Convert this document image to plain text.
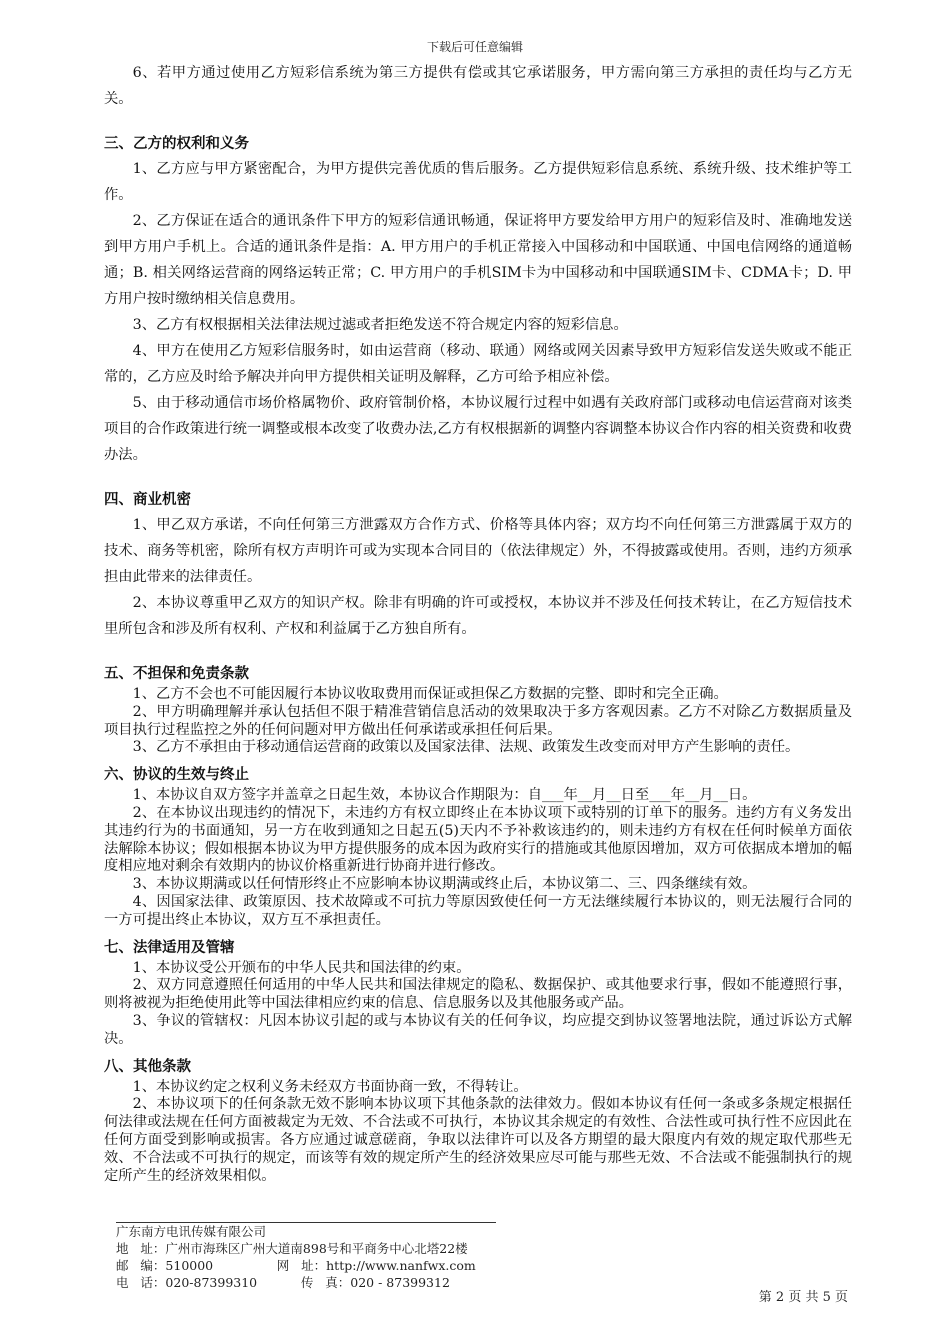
下载后可任意编辑

6、若甲方通过使用乙方短彩信系统为第三方提供有偿或其它承诺服务，甲方需向第三方承担的责任均与乙方无关。

三、乙方的权利和义务

1、乙方应与甲方紧密配合，为甲方提供完善优质的售后服务。乙方提供短彩信息系统、系统升级、技术维护等工作。

2、乙方保证在适合的通讯条件下甲方的短彩信通讯畅通，保证将甲方要发给甲方用户的短彩信及时、准确地发送到甲方用户手机上。合适的通讯条件是指：A. 甲方用户的手机正常接入中国移动和中国联通、中国电信网络的通道畅通；B. 相关网络运营商的网络运转正常；C. 甲方用户的手机SIM卡为中国移动和中国联通SIM卡、CDMA卡；D. 甲方用户按时缴纳相关信息费用。

3、乙方有权根据相关法律法规过滤或者拒绝发送不符合规定内容的短彩信息。

4、甲方在使用乙方短彩信服务时，如由运营商（移动、联通）网络或网关因素导致甲方短彩信发送失败或不能正常的，乙方应及时给予解决并向甲方提供相关证明及解释，乙方可给予相应补偿。

5、由于移动通信市场价格属物价、政府管制价格，本协议履行过程中如遇有关政府部门或移动电信运营商对该类项目的合作政策进行统一调整或根本改变了收费办法,乙方有权根据新的调整内容调整本协议合作内容的相关资费和收费办法。

四、商业机密

1、甲乙双方承诺，不向任何第三方泄露双方合作方式、价格等具体内容；双方均不向任何第三方泄露属于双方的技术、商务等机密，除所有权方声明许可或为实现本合同目的（依法律规定）外，不得披露或使用。否则，违约方须承担由此带来的法律责任。

2、本协议尊重甲乙双方的知识产权。除非有明确的许可或授权，本协议并不涉及任何技术转让，在乙方短信技术里所包含和涉及所有权利、产权和利益属于乙方独自所有。

五、不担保和免责条款

1、乙方不会也不可能因履行本协议收取费用而保证或担保乙方数据的完整、即时和完全正确。

2、甲方明确理解并承认包括但不限于精准营销信息活动的效果取决于多方客观因素。乙方不对除乙方数据质量及项目执行过程监控之外的任何问题对甲方做出任何承诺或承担任何后果。

3、乙方不承担由于移动通信运营商的政策以及国家法律、法规、政策发生改变而对甲方产生影响的责任。

六、协议的生效与终止

1、本协议自双方签字并盖章之日起生效，本协议合作期限为：自___年__月__日至___年__月__日。

2、在本协议出现违约的情况下，未违约方有权立即终止在本协议项下或特别的订单下的服务。违约方有义务发出其违约行为的书面通知，另一方在收到通知之日起五(5)天内不予补救该违约的，则未违约方有权在任何时候单方面依法解除本协议；假如根据本协议为甲方提供服务的成本因为政府实行的措施或其他原因增加，双方可依据成本增加的幅度相应地对剩余有效期内的协议价格重新进行协商并进行修改。

3、本协议期满或以任何情形终止不应影响本协议期满或终止后，本协议第二、三、四条继续有效。

4、因国家法律、政策原因、技术故障或不可抗力等原因致使任何一方无法继续履行本协议的，则无法履行合同的一方可提出终止本协议，双方互不承担责任。

七、法律适用及管辖

1、本协议受公开颁布的中华人民共和国法律的约束。

2、双方同意遵照任何适用的中华人民共和国法律规定的隐私、数据保护、或其他要求行事，假如不能遵照行事，则将被视为拒绝使用此等中国法律相应约束的信息、信息服务以及其他服务或产品。

3、争议的管辖权：凡因本协议引起的或与本协议有关的任何争议，均应提交到协议签署地法院，通过诉讼方式解决。

八、其他条款

1、本协议约定之权利义务未经双方书面协商一致，不得转让。

2、本协议项下的任何条款无效不影响本协议项下其他条款的法律效力。假如本协议有任何一条或多条规定根据任何法律或法规在任何方面被裁定为无效、不合法或不可执行，本协议其余规定的有效性、合法性或可执行性不应因此在任何方面受到影响或损害。各方应通过诚意磋商，争取以法律许可以及各方期望的最大限度内有效的规定取代那些无效、不合法或不可执行的规定，而该等有效的规定所产生的经济效果应尽可能与那些无效、不合法或不能强制执行的规定所产生的经济效果相似。

广东南方电讯传媒有限公司
地   址：广州市海珠区广州大道南898号和平商务中心北塔22楼
邮   编：510000                网   址：http://www.nanfwx.com
电   话：020-87399310           传   真：020 - 87399312
第 2 页 共 5 页
